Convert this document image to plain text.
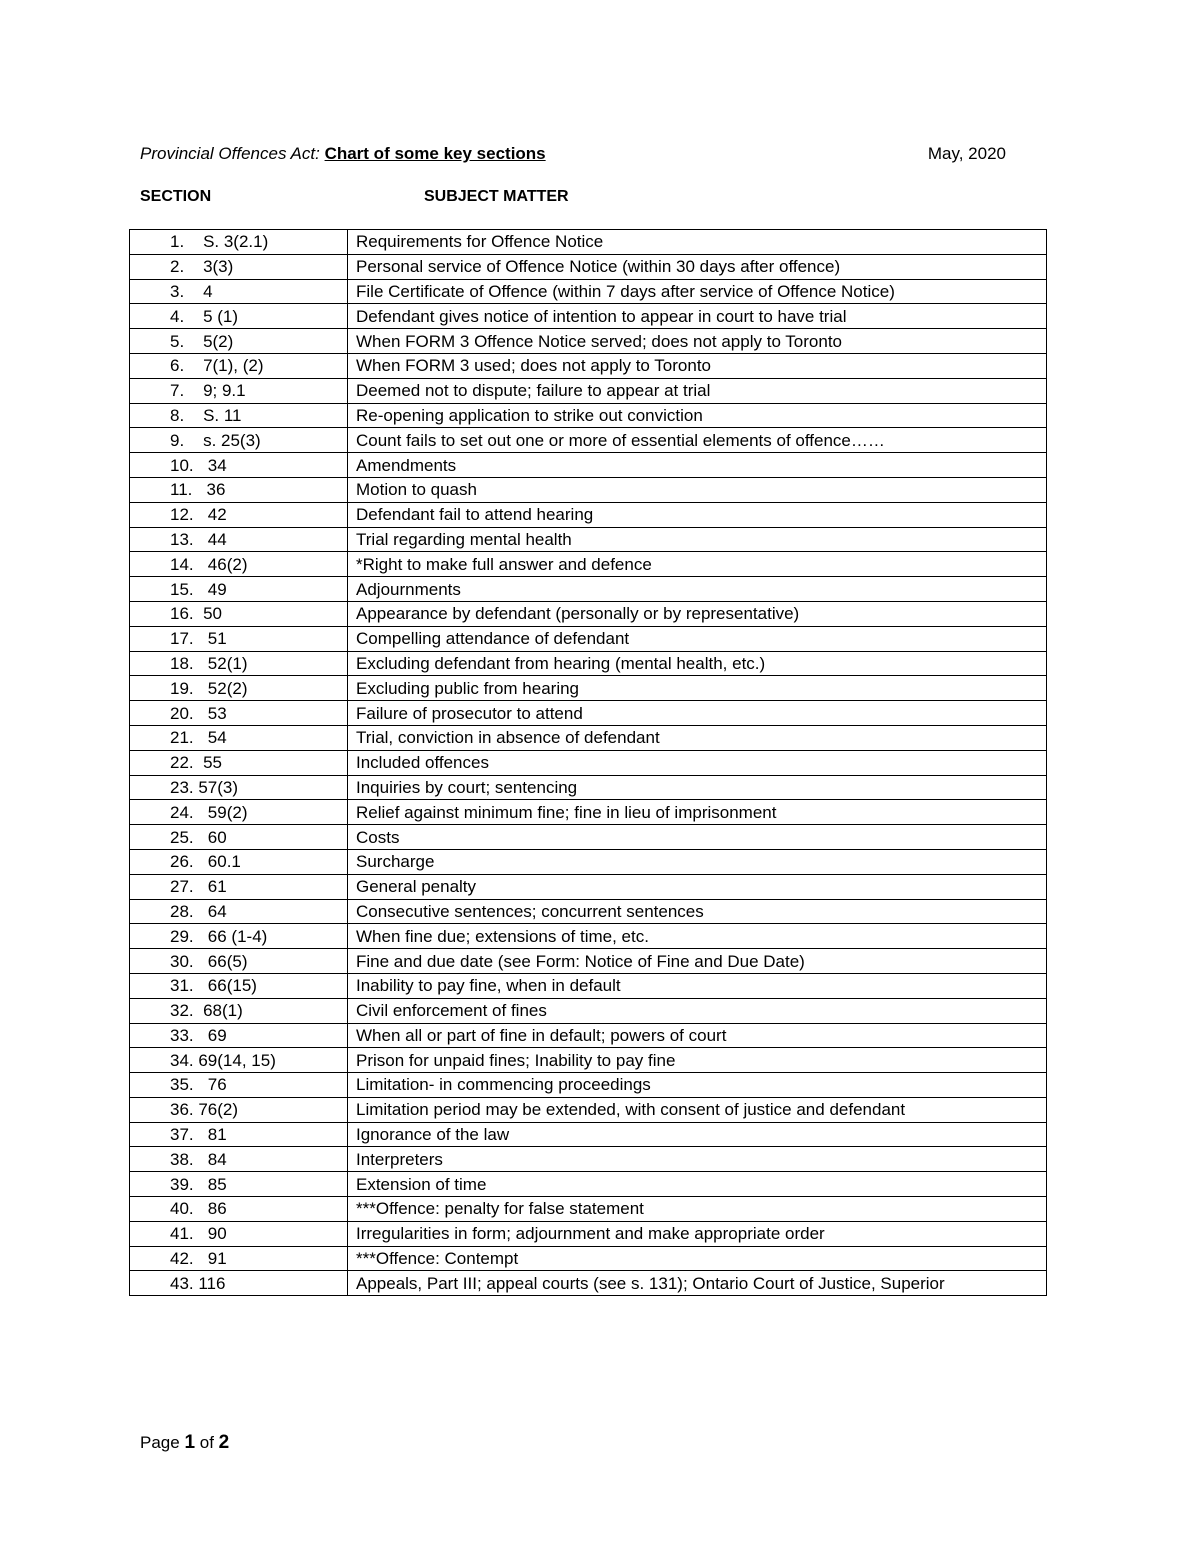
Provincial Offences Act: Chart of some key sections	May, 2020
SECTION	SUBJECT MATTER
1.    S. 3(2.1)	Requirements for Offence Notice
2.    3(3)	Personal service of Offence Notice (within 30 days after offence)
3.    4	File Certificate of Offence (within 7 days after service of Offence Notice)
4.    5 (1)	Defendant gives notice of intention to appear in court to have trial
5.    5(2)	When FORM 3 Offence Notice served; does not apply to Toronto
6.    7(1), (2)	When FORM 3 used; does not apply to Toronto
7.    9; 9.1	Deemed not to dispute; failure to appear at trial
8.    S. 11	Re-opening application to strike out conviction
9.    s. 25(3)	Count fails to set out one or more of essential elements of offence……
10.   34	Amendments
11.   36	Motion to quash
12.   42	Defendant fail to attend hearing
13.   44	Trial regarding mental health
14.   46(2)	*Right to make full answer and defence
15.   49	Adjournments
16.  50	Appearance by defendant (personally or by representative)
17.   51	Compelling attendance of defendant
18.   52(1)	Excluding defendant from hearing (mental health, etc.)
19.   52(2)	Excluding public from hearing
20.   53	Failure of prosecutor to attend
21.   54	Trial, conviction in absence of defendant
22.  55	Included offences
23. 57(3)	Inquiries by court; sentencing
24.   59(2)	Relief against minimum fine; fine in lieu of imprisonment
25.   60	Costs
26.   60.1	Surcharge
27.   61	General penalty
28.   64	Consecutive sentences; concurrent sentences
29.   66 (1-4)	When fine due; extensions of time, etc.
30.   66(5)	Fine and due date (see Form: Notice of Fine and Due Date)
31.   66(15)	Inability to pay fine, when in default
32.  68(1)	Civil enforcement of fines
33.   69	When all or part of fine in default; powers of court
34. 69(14, 15)	Prison for unpaid fines; Inability to pay fine
35.   76	Limitation- in commencing proceedings
36. 76(2)	Limitation period may be extended, with consent of justice and defendant
37.   81	Ignorance of the law
38.   84	Interpreters
39.   85	Extension of time
40.   86	***Offence: penalty for false statement
41.   90	Irregularities in form; adjournment and make appropriate order
42.   91	***Offence: Contempt
43. 116	Appeals, Part III; appeal courts (see s. 131); Ontario Court of Justice, Superior
Page 1 of 2
